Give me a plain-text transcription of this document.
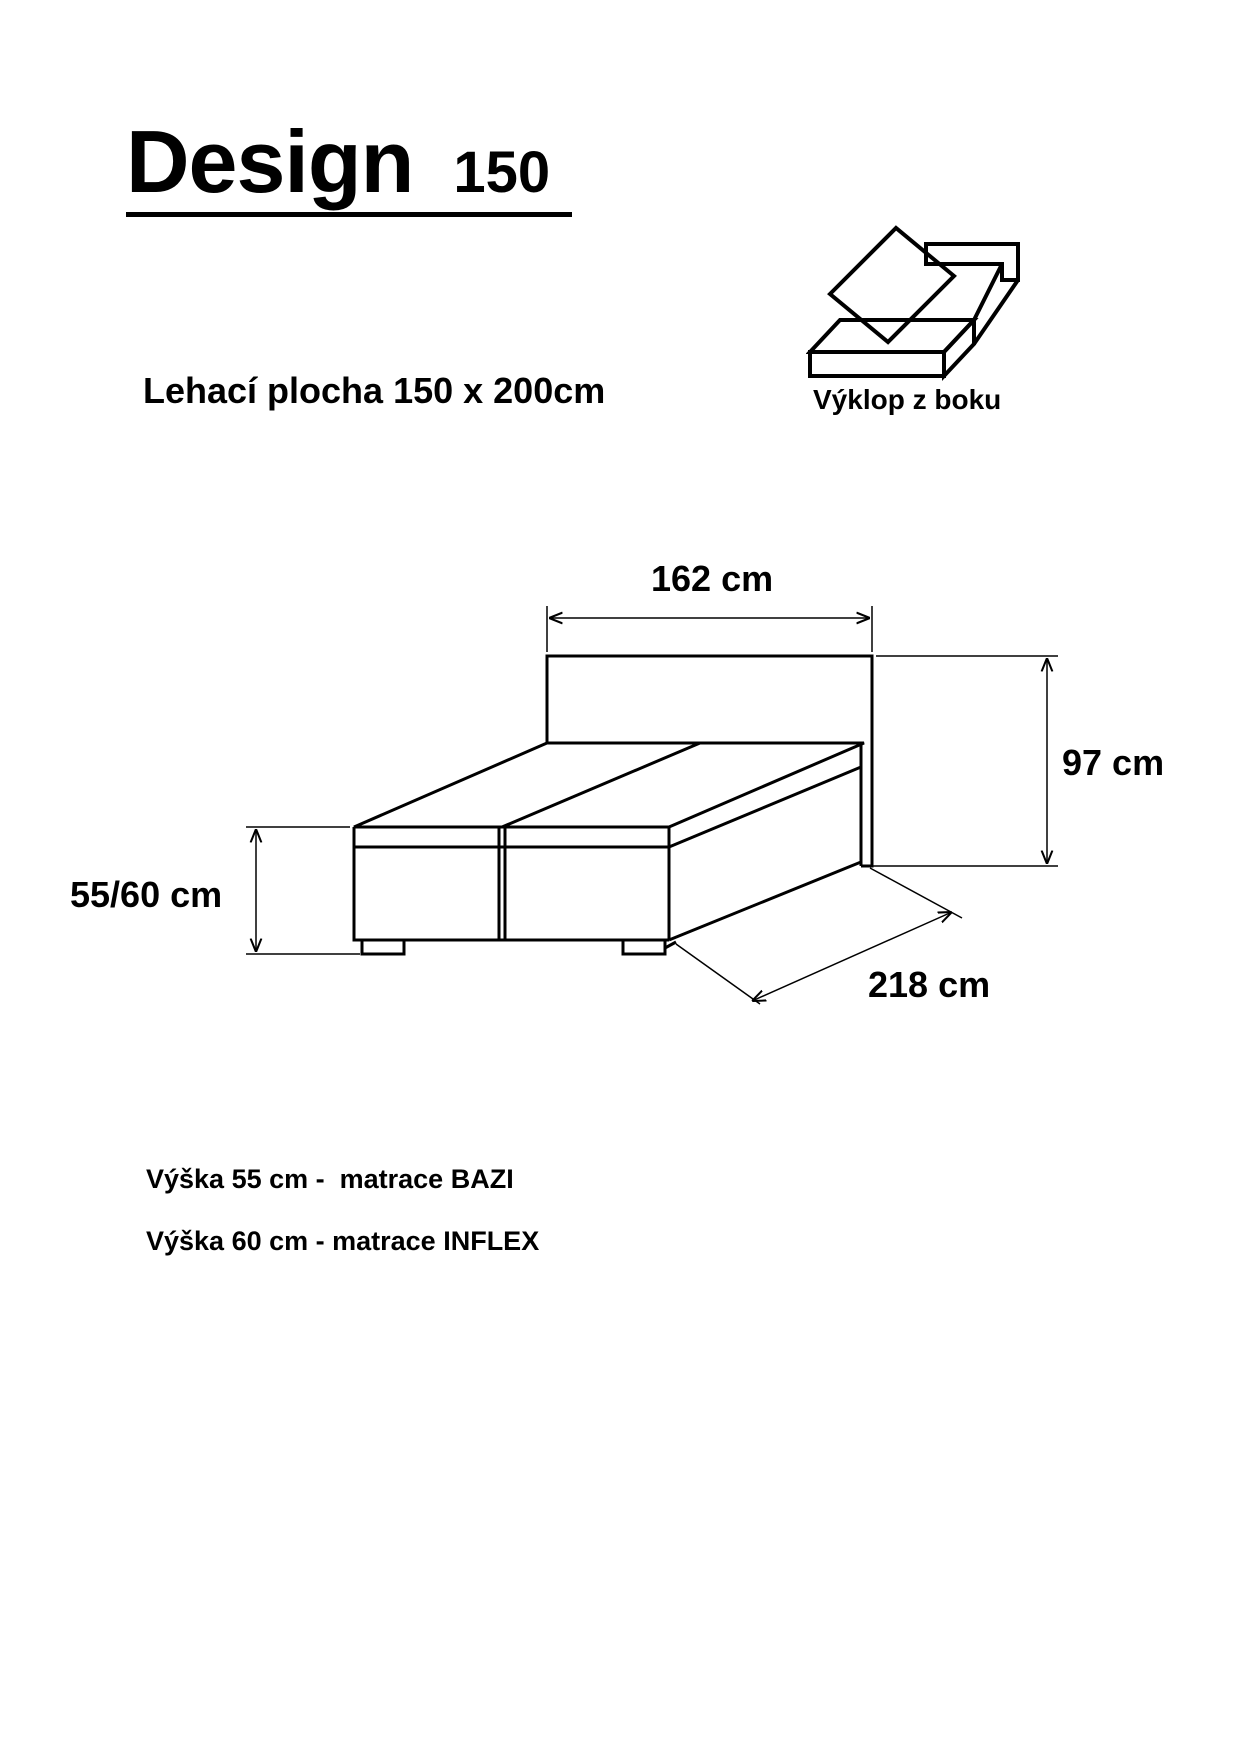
Design 150
Lehací plocha 150 x 200cm	Výklop z boku
162 cm
97 cm
55/60 cm
218 cm
Výška 55 cm -  matrace BAZI
Výška 60 cm - matrace INFLEX
